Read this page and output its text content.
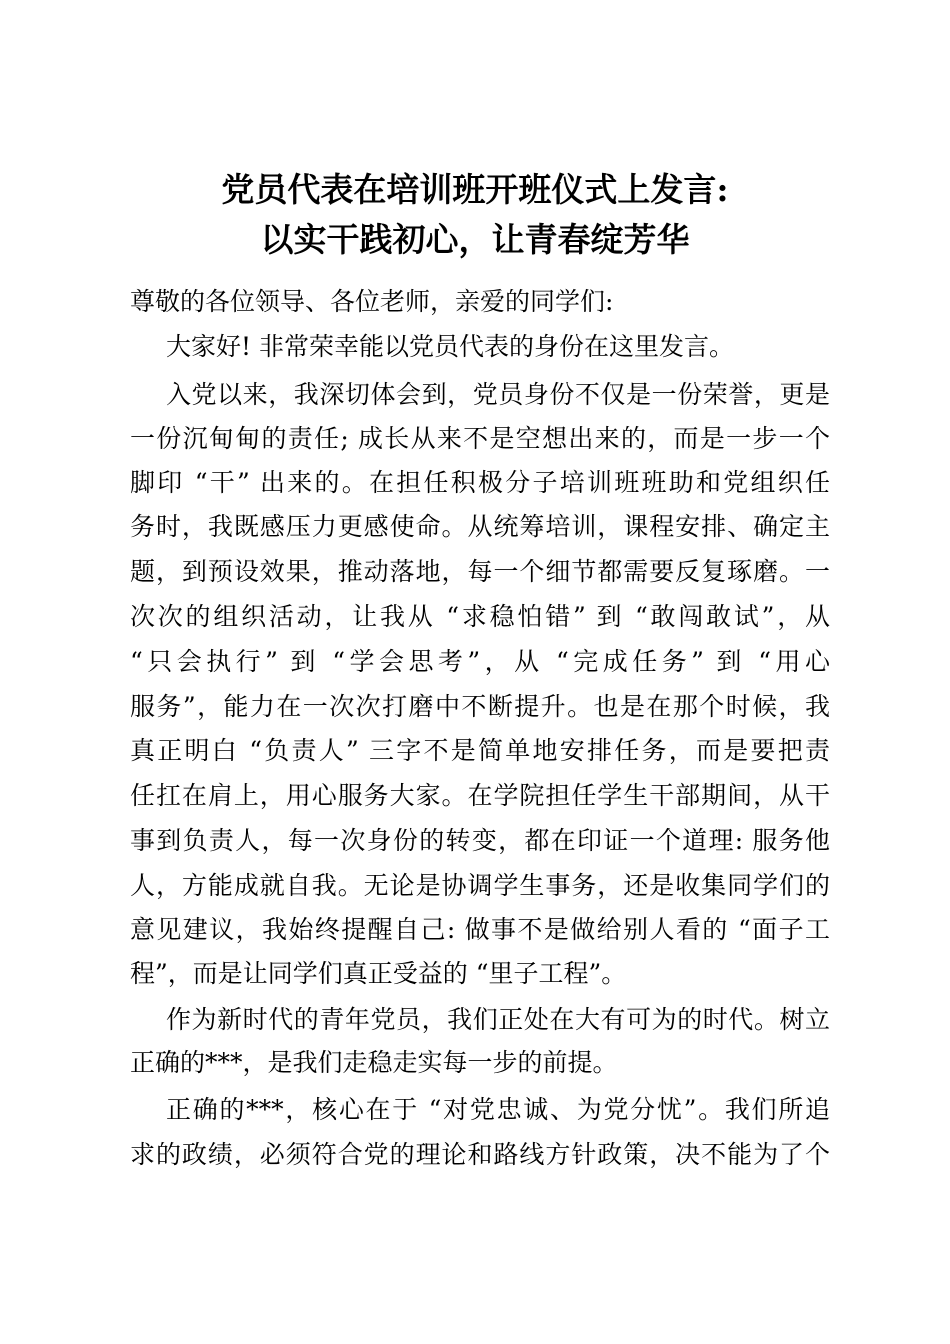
党员代表在培训班开班仪式上发言:
以实干践初心，让青春绽芳华
尊敬的各位领导、各位老师，亲爱的同学们:
大家好! 非常荣幸能以党员代表的身份在这里发言。
入党以来，我深切体会到，党员身份不仅是一份荣誉，更是
一份沉甸甸的责任; 成长从来不是空想出来的，而是一步一个
脚印 “干” 出来的。在担任积极分子培训班班助和党组织任
务时，我既感压力更感使命。从统筹培训，课程安排、确定主
题，到预设效果，推动落地，每一个细节都需要反复琢磨。一
次次的组织活动，让我从 “求稳怕错” 到 “敢闯敢试”，从
“只会执行” 到 “学会思考”，从 “完成任务” 到 “用心
服务”，能力在一次次打磨中不断提升。也是在那个时候，我
真正明白 “负责人” 三字不是简单地安排任务，而是要把责
任扛在肩上，用心服务大家。在学院担任学生干部期间，从干
事到负责人，每一次身份的转变，都在印证一个道理: 服务他
人，方能成就自我。无论是协调学生事务，还是收集同学们的
意见建议，我始终提醒自己: 做事不是做给别人看的 “面子工
程”，而是让同学们真正受益的 “里子工程”。
作为新时代的青年党员，我们正处在大有可为的时代。树立
正确的***，是我们走稳走实每一步的前提。
正确的***，核心在于 “对党忠诚、为党分忧”。我们所追
求的政绩，必须符合党的理论和路线方针政策，决不能为了个
